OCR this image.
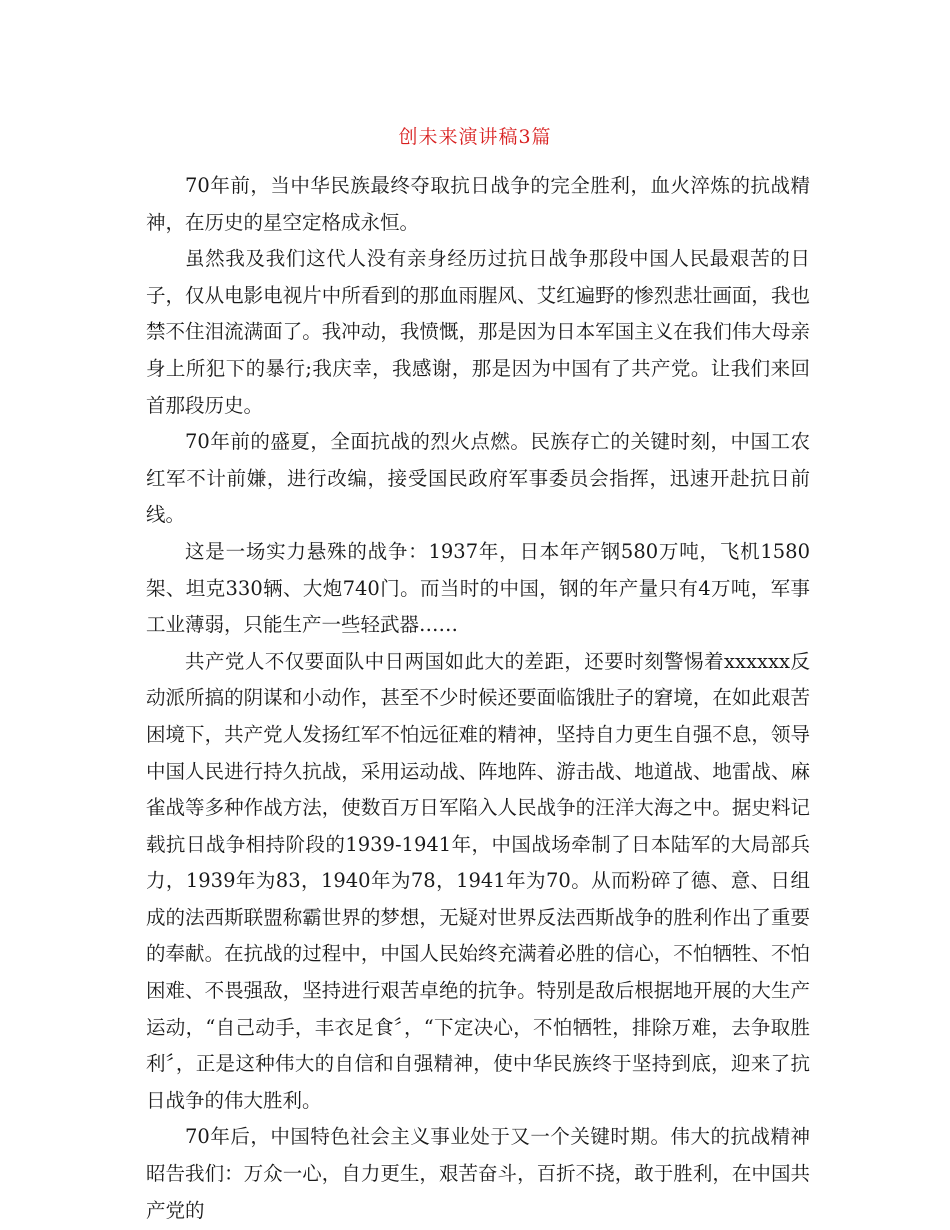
创未来演讲稿3篇

70年前，当中华民族最终夺取抗日战争的完全胜利，血火淬炼的抗战精神，在历史的星空定格成永恒。

虽然我及我们这代人没有亲身经历过抗日战争那段中国人民最艰苦的日子，仅从电影电视片中所看到的那血雨腥风、艾红遍野的惨烈悲壮画面，我也禁不住泪流满面了。我冲动，我愤慨，那是因为日本军国主义在我们伟大母亲身上所犯下的暴行;我庆幸，我感谢，那是因为中国有了共产党。让我们来回首那段历史。

70年前的盛夏，全面抗战的烈火点燃。民族存亡的关键时刻，中国工农红军不计前嫌，进行改编，接受国民政府军事委员会指挥，迅速开赴抗日前线。

这是一场实力悬殊的战争：1937年，日本年产钢580万吨，飞机1580架、坦克330辆、大炮740门。而当时的中国，钢的年产量只有4万吨，军事工业薄弱，只能生产一些轻武器……

共产党人不仅要面队中日两国如此大的差距，还要时刻警惕着xxxxxx反动派所搞的阴谋和小动作，甚至不少时候还要面临饿肚子的窘境，在如此艰苦困境下，共产党人发扬红军不怕远征难的精神，坚持自力更生自强不息，领导中国人民进行持久抗战，采用运动战、阵地阵、游击战、地道战、地雷战、麻雀战等多种作战方法，使数百万日军陷入人民战争的汪洋大海之中。据史料记载抗日战争相持阶段的1939-1941年，中国战场牵制了日本陆军的大局部兵力，1939年为83，1940年为78，1941年为70。从而粉碎了德、意、日组成的法西斯联盟称霸世界的梦想，无疑对世界反法西斯战争的胜利作出了重要的奉献。在抗战的过程中，中国人民始终充满着必胜的信心，不怕牺牲、不怕困难、不畏强敌，坚持进行艰苦卓绝的抗争。特别是敌后根据地开展的大生产运动，“自己动手，丰衣足食〞，“下定决心，不怕牺牲，排除万难，去争取胜利〞，正是这种伟大的自信和自强精神，使中华民族终于坚持到底，迎来了抗日战争的伟大胜利。

70年后，中国特色社会主义事业处于又一个关键时期。伟大的抗战精神昭告我们：万众一心，自力更生，艰苦奋斗，百折不挠，敢于胜利，在中国共产党的
